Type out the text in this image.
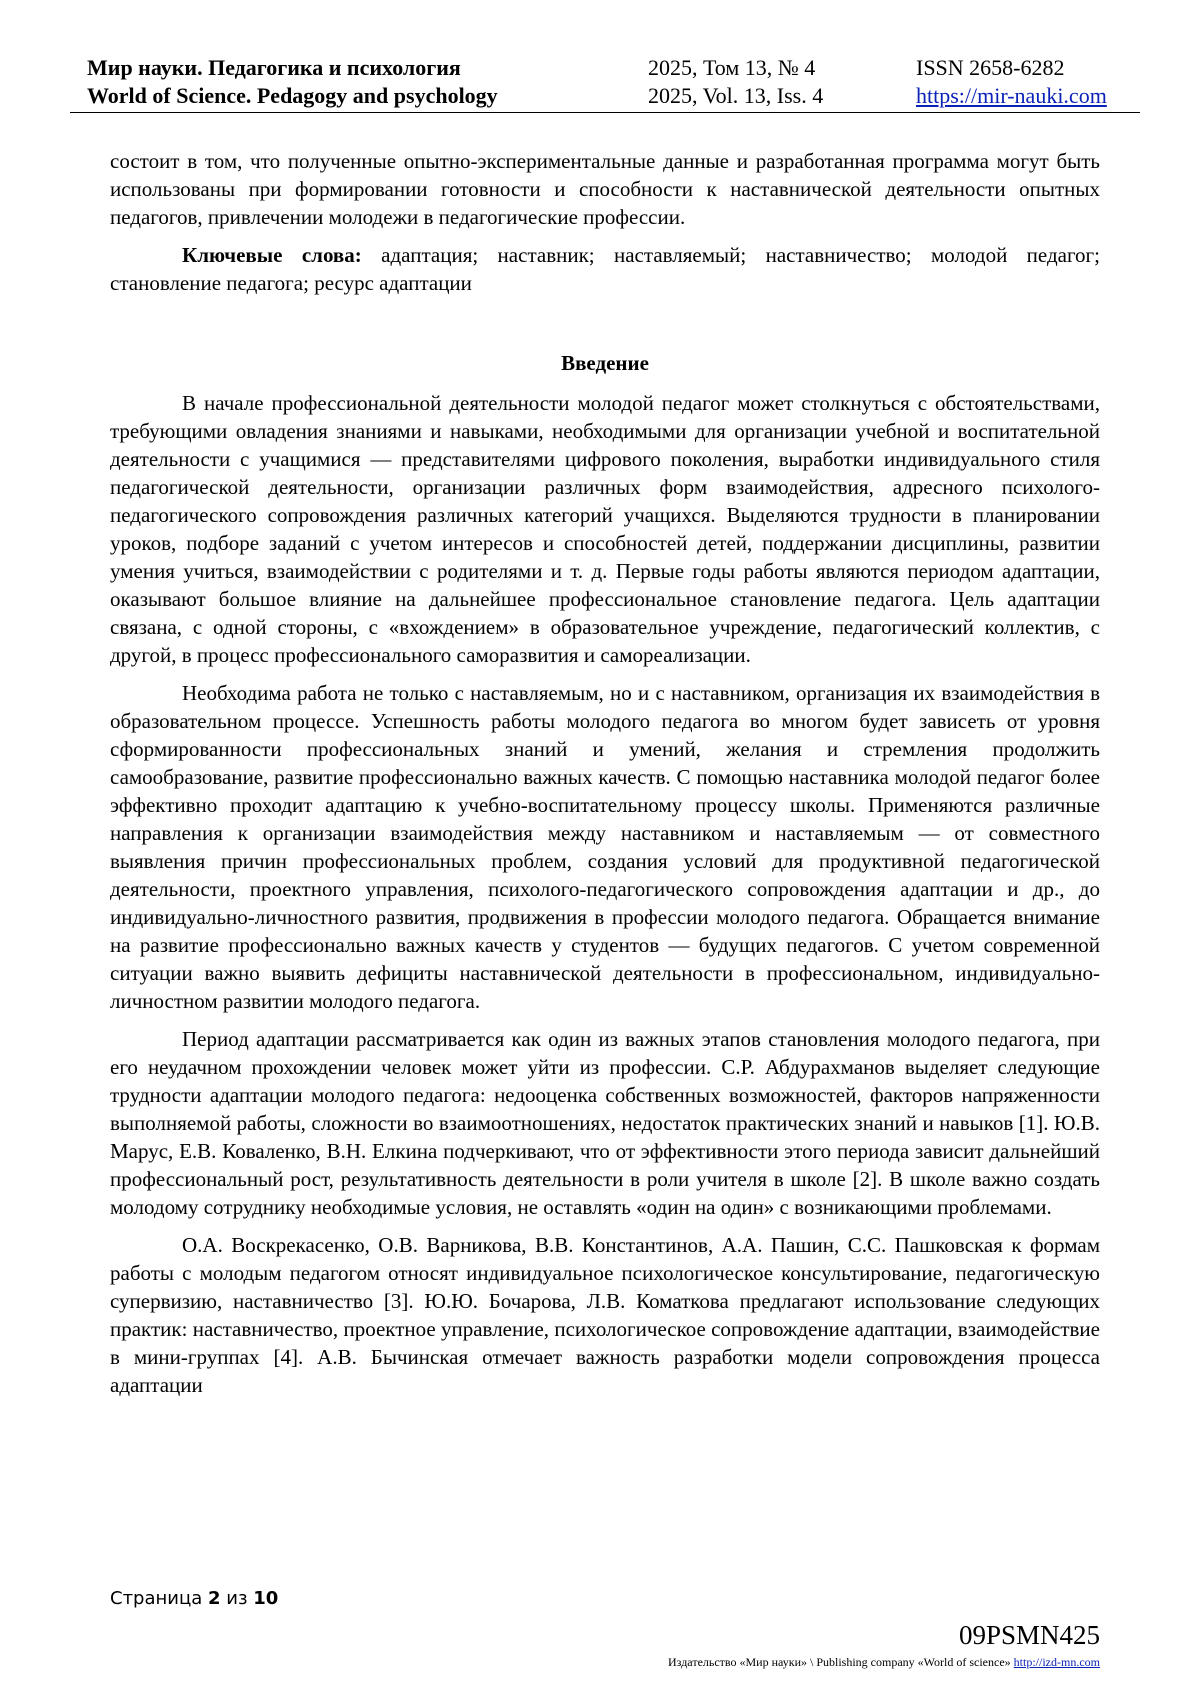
Мир науки. Педагогика и психология
World of Science. Pedagogy and psychology
2025, Том 13, № 4
2025, Vol. 13, Iss. 4
ISSN 2658-6282
https://mir-nauki.com

состоит в том, что полученные опытно-экспериментальные данные и разработанная программа могут быть использованы при формировании готовности и способности к наставнической деятельности опытных педагогов, привлечении молодежи в педагогические профессии.

Ключевые слова: адаптация; наставник; наставляемый; наставничество; молодой педагог; становление педагога; ресурс адаптации

Введение

В начале профессиональной деятельности молодой педагог может столкнуться с обстоятельствами, требующими овладения знаниями и навыками, необходимыми для организации учебной и воспитательной деятельности с учащимися — представителями цифрового поколения, выработки индивидуального стиля педагогической деятельности, организации различных форм взаимодействия, адресного психолого-педагогического сопровождения различных категорий учащихся. Выделяются трудности в планировании уроков, подборе заданий с учетом интересов и способностей детей, поддержании дисциплины, развитии умения учиться, взаимодействии с родителями и т. д. Первые годы работы являются периодом адаптации, оказывают большое влияние на дальнейшее профессиональное становление педагога. Цель адаптации связана, с одной стороны, с «вхождением» в образовательное учреждение, педагогический коллектив, с другой, в процесс профессионального саморазвития и самореализации.

Необходима работа не только с наставляемым, но и с наставником, организация их взаимодействия в образовательном процессе. Успешность работы молодого педагога во многом будет зависеть от уровня сформированности профессиональных знаний и умений, желания и стремления продолжить самообразование, развитие профессионально важных качеств. С помощью наставника молодой педагог более эффективно проходит адаптацию к учебно-воспитательному процессу школы. Применяются различные направления к организации взаимодействия между наставником и наставляемым — от совместного выявления причин профессиональных проблем, создания условий для продуктивной педагогической деятельности, проектного управления, психолого-педагогического сопровождения адаптации и др., до индивидуально-личностного развития, продвижения в профессии молодого педагога. Обращается внимание на развитие профессионально важных качеств у студентов — будущих педагогов. С учетом современной ситуации важно выявить дефициты наставнической деятельности в профессиональном, индивидуально-личностном развитии молодого педагога.

Период адаптации рассматривается как один из важных этапов становления молодого педагога, при его неудачном прохождении человек может уйти из профессии. С.Р. Абдурахманов выделяет следующие трудности адаптации молодого педагога: недооценка собственных возможностей, факторов напряженности выполняемой работы, сложности во взаимоотношениях, недостаток практических знаний и навыков [1]. Ю.В. Марус, Е.В. Коваленко, В.Н. Елкина подчеркивают, что от эффективности этого периода зависит дальнейший профессиональный рост, результативность деятельности в роли учителя в школе [2]. В школе важно создать молодому сотруднику необходимые условия, не оставлять «один на один» с возникающими проблемами.

О.А. Воскрекасенко, О.В. Варникова, В.В. Константинов, А.А. Пашин, С.С. Пашковская к формам работы с молодым педагогом относят индивидуальное психологическое консультирование, педагогическую супервизию, наставничество [3]. Ю.Ю. Бочарова, Л.В. Коматкова предлагают использование следующих практик: наставничество, проектное управление, психологическое сопровождение адаптации, взаимодействие в мини-группах [4]. А.В. Бычинская отмечает важность разработки модели сопровождения процесса адаптации

Страница 2 из 10
09PSMN425
Издательство «Мир науки» \ Publishing company «World of science» http://izd-mn.com
